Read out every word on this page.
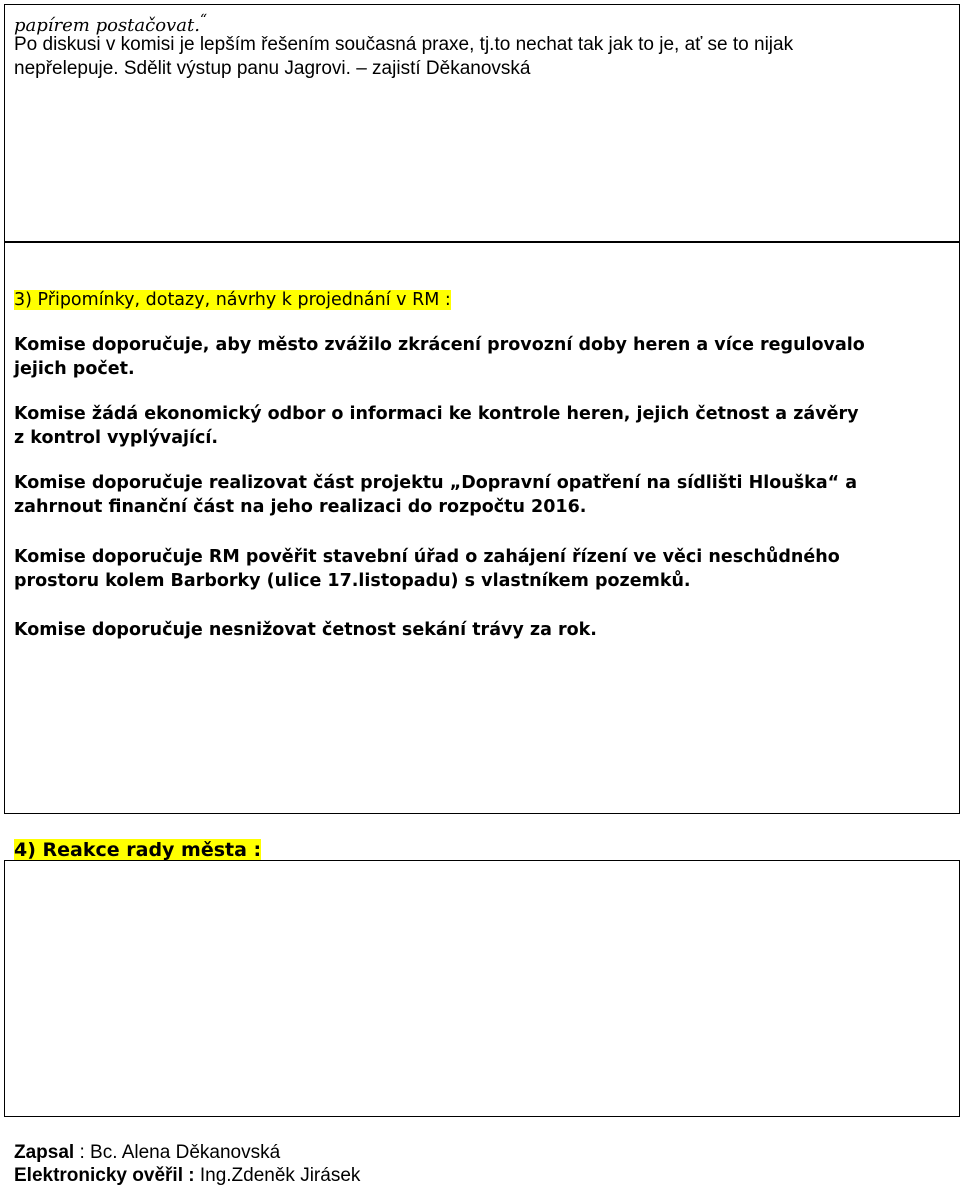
papírem postačovat.“
Po diskusi v komisi je lepším řešením současná praxe, tj.to nechat tak jak to je, ať se to nijak
nepřelepuje. Sdělit výstup panu Jagrovi. – zajistí Děkanovská
3) Připomínky, dotazy, návrhy k projednání v RM :
Komise doporučuje, aby město zvážilo zkrácení provozní doby heren a více regulovalo
jejich počet.
Komise žádá ekonomický odbor o informaci ke kontrole heren, jejich četnost a závěry
z kontrol vyplývající.
Komise doporučuje realizovat část projektu „Dopravní opatření na sídlišti Hlouška“ a
zahrnout finanční část na jeho realizaci do rozpočtu 2016.
Komise doporučuje RM pověřit stavební úřad o zahájení řízení ve věci neschůdného
prostoru kolem Barborky (ulice 17.listopadu) s vlastníkem pozemků.
Komise doporučuje nesnižovat četnost sekání trávy za rok.
4) Reakce rady města :
Zapsal : Bc. Alena Děkanovská
Elektronicky ověřil : Ing.Zdeněk Jirásek
